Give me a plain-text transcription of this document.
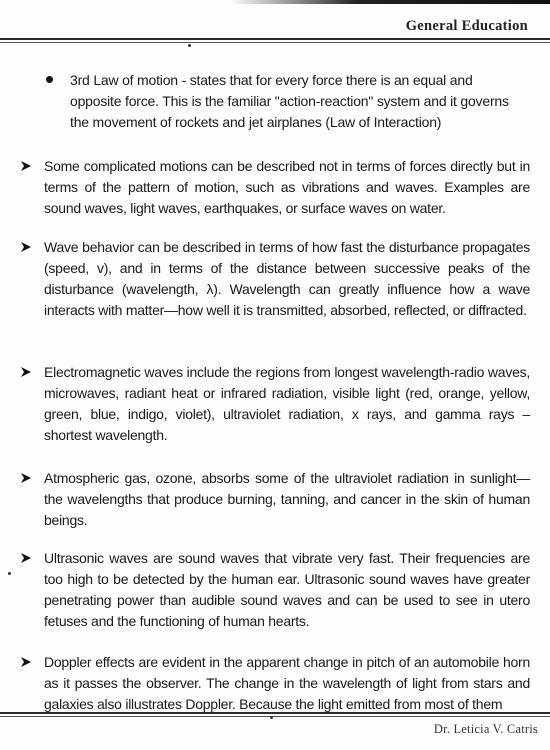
General Education
3rd Law of motion - states that for every force there is an equal and opposite force. This is the familiar "action-reaction" system and it governs the movement of rockets and jet airplanes (Law of Interaction)
Some complicated motions can be described not in terms of forces directly but in terms of the pattern of motion, such as vibrations and waves. Examples are sound waves, light waves, earthquakes, or surface waves on water.
Wave behavior can be described in terms of how fast the disturbance propagates (speed, v), and in terms of the distance between successive peaks of the disturbance (wavelength, λ). Wavelength can greatly influence how a wave interacts with matter—how well it is transmitted, absorbed, reflected, or diffracted.
Electromagnetic waves include the regions from longest wavelength-radio waves, microwaves, radiant heat or infrared radiation, visible light (red, orange, yellow, green, blue, indigo, violet), ultraviolet radiation, x rays, and gamma rays – shortest wavelength.
Atmospheric gas, ozone, absorbs some of the ultraviolet radiation in sunlight—the wavelengths that produce burning, tanning, and cancer in the skin of human beings.
Ultrasonic waves are sound waves that vibrate very fast. Their frequencies are too high to be detected by the human ear. Ultrasonic sound waves have greater penetrating power than audible sound waves and can be used to see in utero fetuses and the functioning of human hearts.
Doppler effects are evident in the apparent change in pitch of an automobile horn as it passes the observer. The change in the wavelength of light from stars and galaxies also illustrates Doppler. Because the light emitted from most of them
Dr. Leticia V. Catris
